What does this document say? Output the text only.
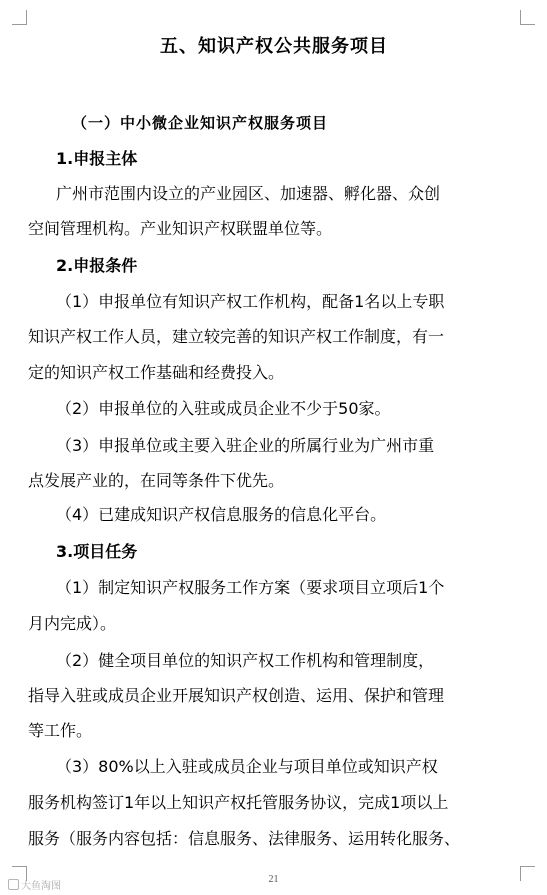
五、知识产权公共服务项目
（一）中小微企业知识产权服务项目
1.申报主体
广州市范围内设立的产业园区、加速器、孵化器、众创
空间管理机构。产业知识产权联盟单位等。
2.申报条件
（1）申报单位有知识产权工作机构，配备1名以上专职
知识产权工作人员，建立较完善的知识产权工作制度，有一
定的知识产权工作基础和经费投入。
（2）申报单位的入驻或成员企业不少于50家。
（3）申报单位或主要入驻企业的所属行业为广州市重
点发展产业的，在同等条件下优先。
（4）已建成知识产权信息服务的信息化平台。
3.项目任务
（1）制定知识产权服务工作方案（要求项目立项后1个
月内完成）。
（2）健全项目单位的知识产权工作机构和管理制度，
指导入驻或成员企业开展知识产权创造、运用、保护和管理
等工作。
（3）80%以上入驻或成员企业与项目单位或知识产权
服务机构签订1年以上知识产权托管服务协议，完成1项以上
服务（服务内容包括：信息服务、法律服务、运用转化服务、
21
大鱼淘图
